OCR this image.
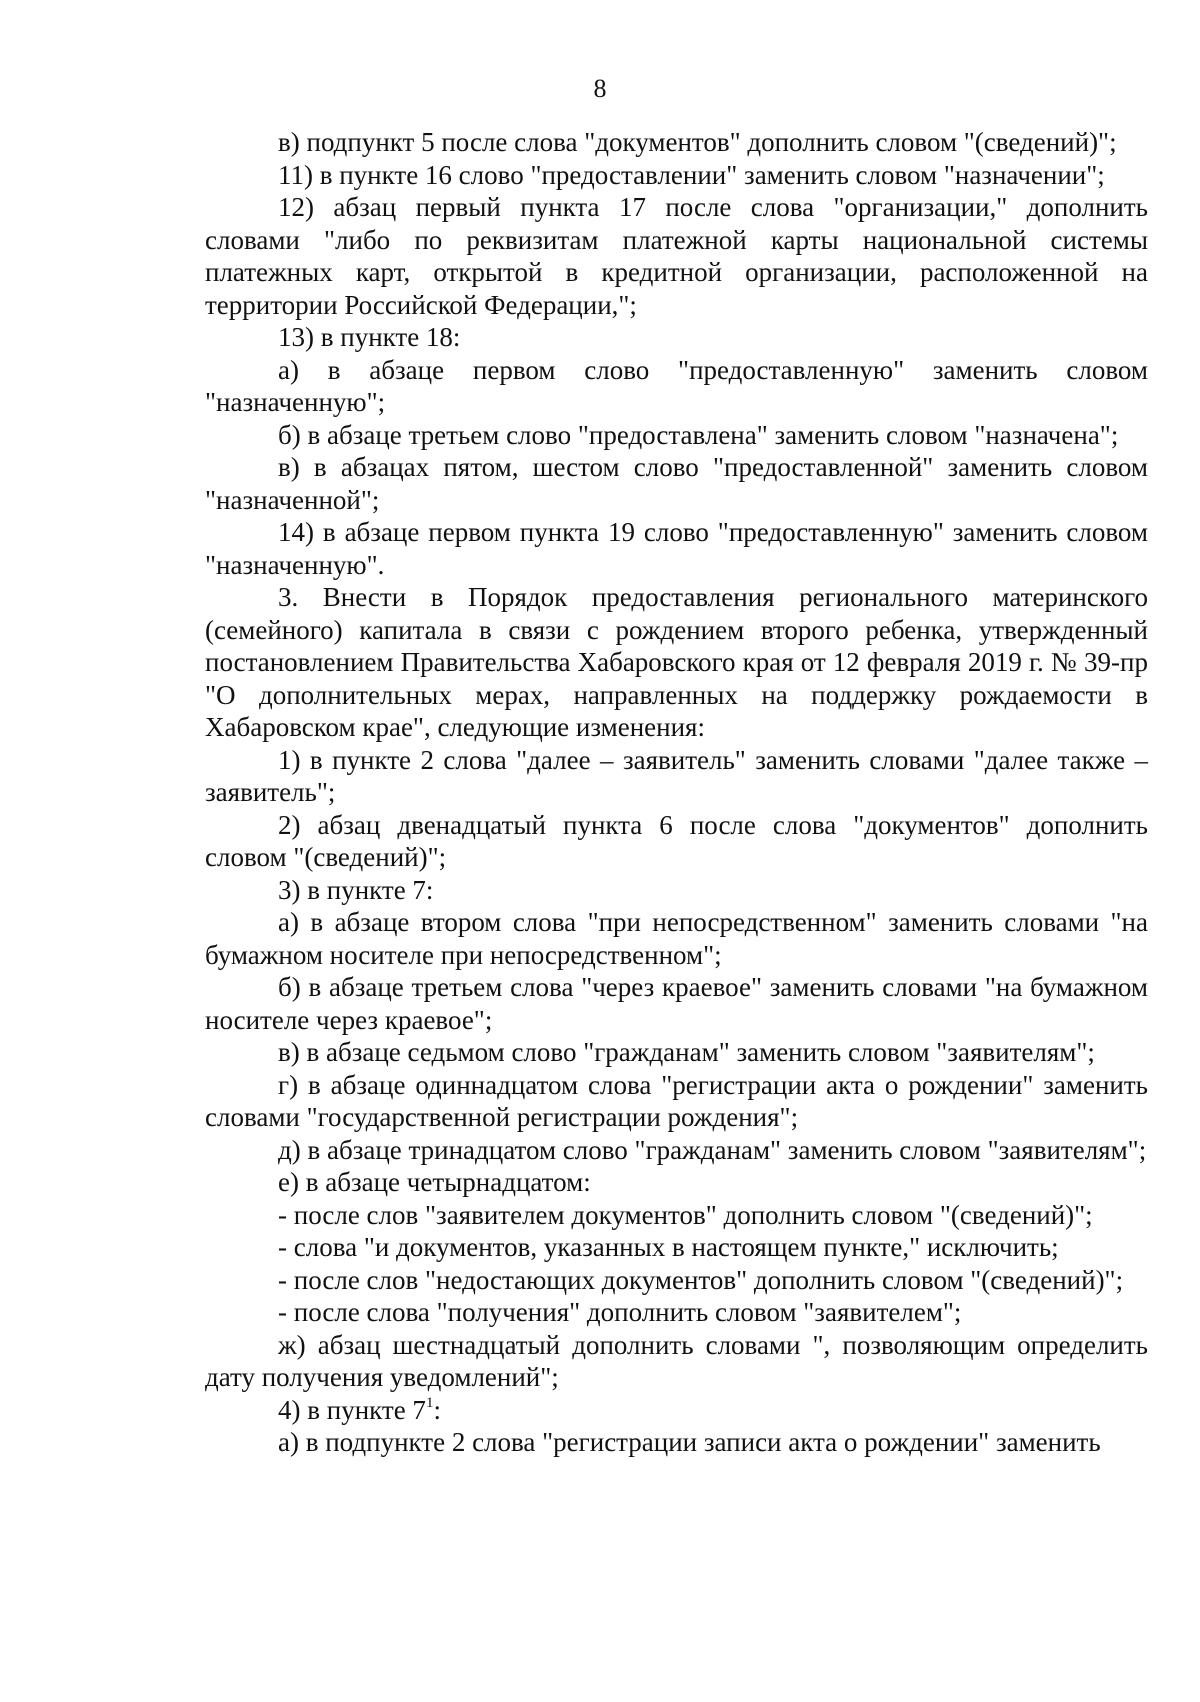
8

в) подпункт 5 после слова "документов" дополнить словом "(сведений)";

11) в пункте 16 слово "предоставлении" заменить словом "назначении";

12) абзац первый пункта 17 после слова "организации," дополнить словами "либо по реквизитам платежной карты национальной системы платежных карт, открытой в кредитной организации, расположенной на территории Российской Федерации,";

13) в пункте 18:

а) в абзаце первом слово "предоставленную" заменить словом "назначенную";

б) в абзаце третьем слово "предоставлена" заменить словом "назначена";

в) в абзацах пятом, шестом слово "предоставленной" заменить словом "назначенной";

14) в абзаце первом пункта 19 слово "предоставленную" заменить словом "назначенную".

3. Внести в Порядок предоставления регионального материнского (семейного) капитала в связи с рождением второго ребенка, утвержденный постановлением Правительства Хабаровского края от 12 февраля 2019 г. № 39-пр "О дополнительных мерах, направленных на поддержку рождаемости в Хабаровском крае", следующие изменения:

1) в пункте 2 слова "далее – заявитель" заменить словами "далее также – заявитель";

2) абзац двенадцатый пункта 6 после слова "документов" дополнить словом "(сведений)";

3) в пункте 7:

а) в абзаце втором слова "при непосредственном" заменить словами "на бумажном носителе при непосредственном";

б) в абзаце третьем слова "через краевое" заменить словами "на бумажном носителе через краевое";

в) в абзаце седьмом слово "гражданам" заменить словом "заявителям";

г) в абзаце одиннадцатом слова "регистрации акта о рождении" заменить словами "государственной регистрации рождения";

д) в абзаце тринадцатом слово "гражданам" заменить словом "заявителям";

е) в абзаце четырнадцатом:

- после слов "заявителем документов" дополнить словом "(сведений)";

- слова "и документов, указанных в настоящем пункте," исключить;

- после слов "недостающих документов" дополнить словом "(сведений)";

- после слова "получения" дополнить словом "заявителем";

ж) абзац шестнадцатый дополнить словами ", позволяющим определить дату получения уведомлений";

4) в пункте $7^1$:

а) в подпункте 2 слова "регистрации записи акта о рождении" заменить
